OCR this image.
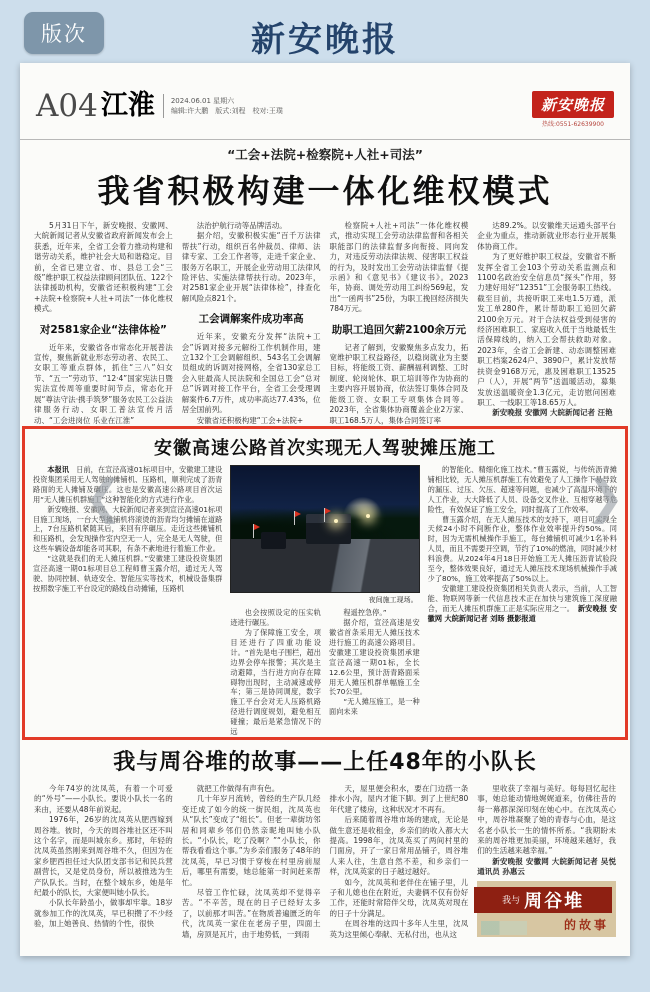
版次	新安晚报
❮	❯
A04 江淮 2024.06.01 星期六
编辑:许大鹏　版式:刘程　校对:王璞	新安晚报
热线:0551-62639900

“工会+法院+检察院+人社+司法”

我省积极构建一体化维权模式

5月31日下午，新安晚报、安徽网、大皖新闻记者从安徽省政府新闻发布会上获悉，近年来，全省工会着力推动构建和谐劳动关系，维护社会大局和谐稳定。目前，全省已建立省、市、县总工会“三级”维护职工权益法律顾问团队伍、122个法律援助机构，安徽省还积极构建“工会+法院+检察院+人社+司法”一体化维权模式。

对2581家企业“法律体检”

近年来，安徽省各市常态化开展普法宣传，聚焦新就业形态劳动者、农民工、女职工等重点群体，抓住“三八”妇女节、“五一”劳动节、“12·4”国家宪法日暨宪法宣传周等重要时间节点，常态化开展“尊法守法·携手筑梦”服务农民工公益法律服务行动、女职工普法宣传月活动、“工会进岗位 乐业在江淮”

法治护航行动等品牌活动。

据介绍，安徽积极实施“百千万法律帮扶”行动，组织百名仲裁员、律师、法律专家、工会工作者等，走进千家企业、服务万名职工，开展企业劳动用工法律风险评估、实施法律帮扶行动。2023年，对2581家企业开展“法律体检”，排查化解风险点821个。

工会调解案件成功率高

近年来，安徽充分发挥“法院+工会”诉调对接多元解纷工作机制作用，建立132个工会调解组织、543名工会调解员组成的诉调对接网格，全省130家总工会入驻最高人民法院和全国总工会“总对总”诉调对接工作平台，全省工会受理调解案件6.7万件，成功率高达77.43%，位居全国前列。

安徽省还积极构建“工会+法院+

检察院+人社+司法”一体化维权模式，推动实现工会劳动法律监督和各相关职能部门的法律监督多向衔接、同向发力，对违反劳动法律法规、侵害职工权益的行为，及时发出工会劳动法律监督《提示函》和《意见书》《建议书》。2023年，协商、调处劳动用工纠纷569起，发出“一函两书”25份，为职工挽回经济损失784万元。

助职工追回欠薪2100余万元

记者了解到，安徽聚焦多点发力，拓宽维护职工权益路径，以稳岗就业为主要目标，将能级工资、薪酬福利调整、工时制度、轮岗轮休、职工培训等作为协商的主要内容开展协商，依法签订集体合同及能级工资、女职工专项集体合同等。2023年，全省集体协商覆盖企业2万家、职工168.5万人，集体合同签订率

达89.2%。以安徽维天运通头部平台企业为重点，推动新就业形态行业开展集体协商工作。

为了更好维护职工权益，安徽省不断发挥全省工会103个劳动关系监测点和1100名政治安全信息员“探头”作用，努力建好用好“12351”工会服务职工热线。截至目前，共接听职工来电1.5万通，派发工单280件，累计帮助职工追回欠薪2100余万元。对于合法权益受到侵害的经济困难职工、家庭收入低于当地最低生活保障线的，纳入工会帮扶救助对象。2023年，全省工会新建、动态调整困难职工档案2624户、3890户，累计发放帮扶资金9168万元，惠及困难职工13525户（人），开展“两节”送温暖活动，募集发放送温暖资金1.3亿元，走访慰问困难职工、一线职工等18.65万人。

新安晚报 安徽网 大皖新闻记者 汪艳

安徽高速公路首次实现无人驾驶摊压施工

本报讯　日前，在宣泾高速01标项目中，安徽建工建设投资集团采用无人驾驶的摊铺机、压路机，顺利完成了沥青路面的无人摊铺及碾压。这也是安徽高速公路项目首次运用“无人摊压机群施工”这种智能化的方式进行作业。

新安晚报、安徽网、大皖新闻记者来到宣泾高速01标项目施工现场，一台大型摊铺机将滚烫的沥青均匀摊铺在道路上，7台压路机紧随其后，来回有序碾压。走近这些摊铺机和压路机，会发现操作室内空无一人，完全是无人驾驶，但这些车辆设备却能各司其职，有条不紊地进行着施工作业。

“这就是我们的无人摊压机群。”安徽建工建设投资集团宣泾高速一期01标项目总工程师曹玉露介绍，通过无人驾驶、协同控制、轨迹安全、智能压实等技术，机械设备集群按照数字施工平台设定的路线自动摊铺，压路机

夜间施工现场。

也会按照设定的压实轨迹进行碾压。

为了保障施工安全，项目还进行了四重功能设计。“首先是电子围栏，超出边界会停车报警；其次是主动避障，当行进方向存在障碍物出现时，主动减速或停车；第三是协同调度，数字施工平台会对无人压路机路径进行调度规划，避免相互碰撞；最后是紧急情况下的远

程遥控急停。”

据介绍，宣泾高速是安徽省首条采用无人摊压技术进行施工的高速公路项目。安徽建工建设投资集团承建宣泾高速一期01标，全长12.6公里，预计沥青路面采用无人摊压机群单幅施工全长70公里。

“无人摊压施工，是一种面向未来

的智能化、精细化施工技术。”曹玉露说，与传统沥青摊铺相比较，无人摊压机群施工有效避免了人工操作下易导致的漏压、过压、欠压、超速等问题，也减少了高温环境下的人工作业，大大降低了人员、设备交叉作业、互相穿越等危险性，有效保证了施工安全，同时提高了工作效率。

曹玉露介绍，在无人摊压技术的支持下，项目可实现全天候24小时不间断作业，整体作业效率提升约50%。同时，因为无需机械操作手施工，每台摊铺机可减少1名补料人员，而且不需要开空调，节约了10%的燃油，同时减少材料浪费。从2024年4月18日开始施工无人摊压沥青试验段至今，整体效果良好，通过无人摊压技术现场机械操作手减少了80%，施工效率提高了50%以上。

安徽建工建设投资集团相关负责人表示，当前，人工智能、物联网等新一代信息技术正在加快与建筑施工深度融合，而无人摊压机群施工正是实际应用之一。　新安晚报 安徽网 大皖新闻记者 刘旸 摄影报道

我与周谷堆的故事——上任48年的小队长

今年74岁的沈凤英，有着一个可爱的“外号”——小队长。要说小队长一名的来由，还要从48年前说起。

1976年，26岁的沈凤英从肥西嫁到周谷堆。彼时，今天的周谷堆社区还不叫这个名字，而是叫城东乡。那时，年轻的沈凤英虽然刚来到周谷堆不久，但因为在家乡肥西担任过大队团支部书记和民兵营副营长，又是党员身份，所以被推选为生产队队长。当时，在整个城东乡，她是年纪最小的队长，大家便叫她小队长。

小队长年龄虽小，做事却牢靠。18岁就参加工作的沈凤英，早已积攒了不少经验，加上她善良、热情的个性，很快

就把工作做得有声有色。

几十年岁月流转，曾经的生产队几经变迁成了如今的统一街民组，沈凤英也从“队长”变成了“组长”。但老一辈街坊邻居和同辈乡邻们仍然亲昵地叫她小队长。“小队长，吃了没啊？”“小队长，你帮我看看这个事。”为乡亲们服务了48年的沈凤英，早已习惯于穿梭在村里房前屋后，哪里有需要，她总能第一时间赶来帮忙。

尽管工作忙碌，沈凤英却不觉得辛苦。“不辛苦，现在的日子已经好太多了，以前那才叫苦。”在物质普遍匮乏的年代，沈凤英一家住在老房子里，四面土墙，房顶是瓦片，由于地势低，一到雨

天，屋里便会积水，要在门边搭一条排水小沟，屋内才能下脚。到了上世纪80年代建了楼房，这种状况才不再有。

后来随着周谷堆市场的建成，无论是做生意还是收租金，乡亲们的收入都大大提高。1998年，沈凤英买了两间村里的门面房，开了一家日常用品铺子，周谷堆人来人往，生意自然不差，和乡亲们一样，沈凤英家的日子越过越好。

如今，沈凤英和老伴住在铺子里，儿子和儿媳也住在附近，夫妻俩不仅有份好工作，还能时常陪伴父母，沈凤英对现在的日子十分满足。

在周谷堆的这四十多年人生里，沈凤英为这里倾心奉献、无私付出，也从这

里收获了幸福与美好。每每回忆起往事，她总能动情地娓娓道来，仿佛往昔的每一幕都深深印刻在她心中。在沈凤英心中，周谷堆凝聚了她的青春与心血，是这名老小队长一生的情怀所系。“我期盼未来的周谷堆更加美丽，环境越来越好，我们的生活越来越幸福。”

新安晚报 安徽网 大皖新闻记者 吴悦 通讯员 孙惠云

我与 周谷堆
的故事
